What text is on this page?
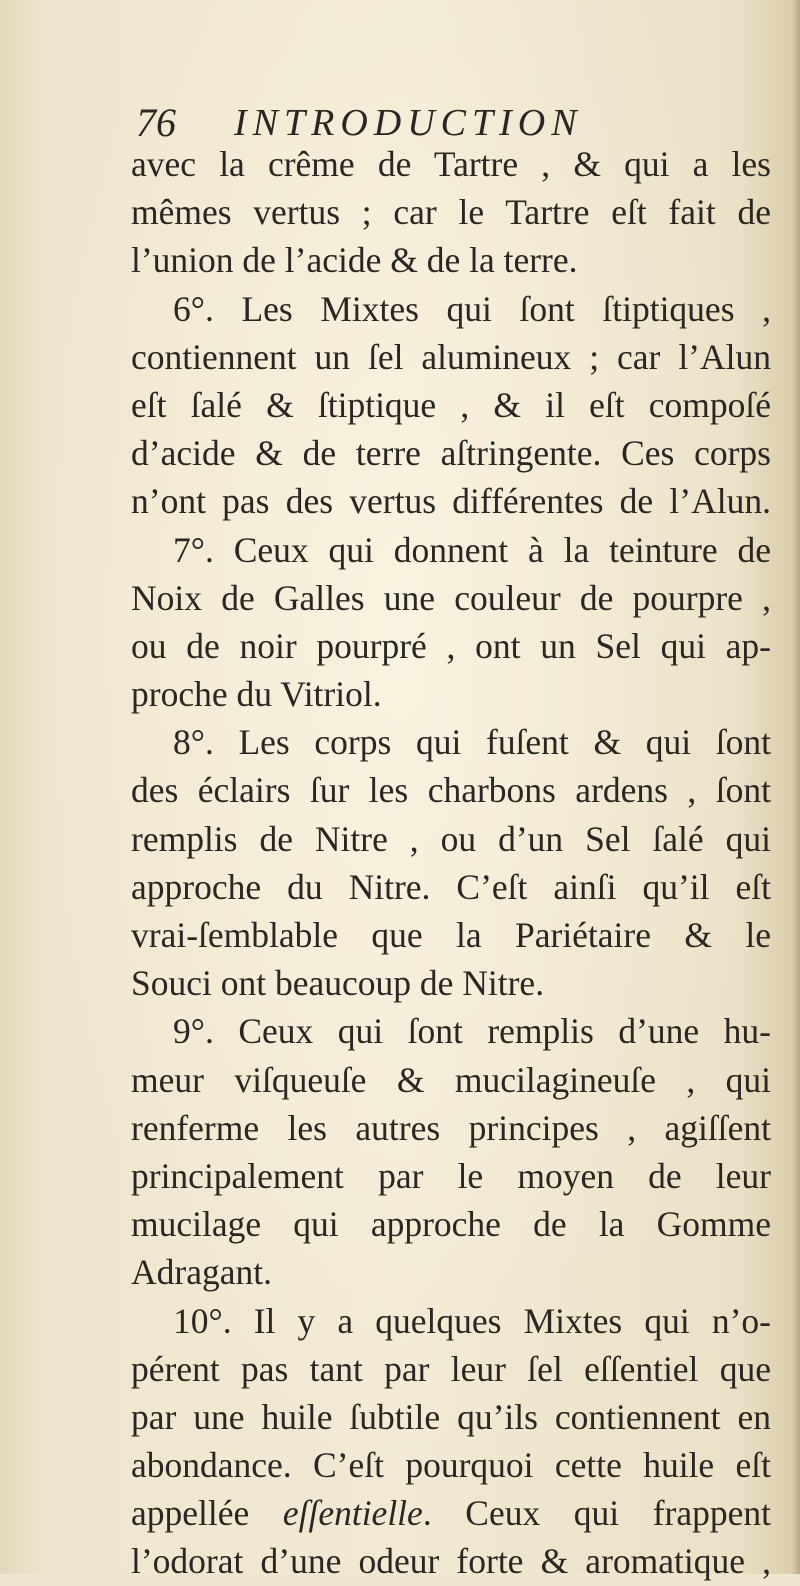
76 INTRODUCTION
avec la crême de Tartre , & qui a les
mêmes vertus ; car le Tartre eſt fait de
l’union de l’acide & de la terre.
6°. Les Mixtes qui ſont ſtiptiques ,
contiennent un ſel alumineux ; car l’Alun
eſt ſalé & ſtiptique , & il eſt compoſé
d’acide & de terre aſtringente. Ces corps
n’ont pas des vertus différentes de l’Alun.
7°. Ceux qui donnent à la teinture de
Noix de Galles une couleur de pourpre ,
ou de noir pourpré , ont un Sel qui ap-
proche du Vitriol.
8°. Les corps qui fuſent & qui ſont
des éclairs ſur les charbons ardens , ſont
remplis de Nitre , ou d’un Sel ſalé qui
approche du Nitre. C’eſt ainſi qu’il eſt
vrai-ſemblable que la Pariétaire & le
Souci ont beaucoup de Nitre.
9°. Ceux qui ſont remplis d’une hu-
meur viſqueuſe & mucilagineuſe , qui
renferme les autres principes , agiſſent
principalement par le moyen de leur
mucilage qui approche de la Gomme
Adragant.
10°. Il y a quelques Mixtes qui n’o-
pérent pas tant par leur ſel eſſentiel que
par une huile ſubtile qu’ils contiennent en
abondance. C’eſt pourquoi cette huile eſt
appellée eſſentielle. Ceux qui frappent
l’odorat d’une odeur forte & aromatique ,
